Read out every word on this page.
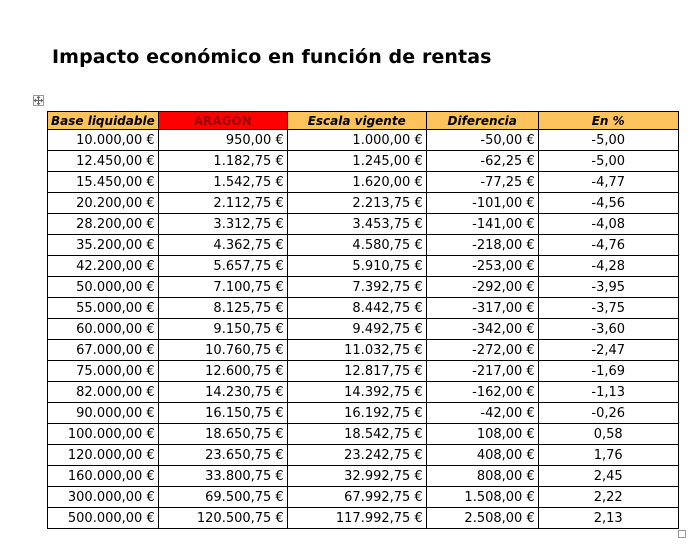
Impacto económico en función de rentas
Base liquidable	ARAGÓN	Escala vigente	Diferencia	En %
10.000,00 €	950,00 €	1.000,00 €	-50,00 €	-5,00
12.450,00 €	1.182,75 €	1.245,00 €	-62,25 €	-5,00
15.450,00 €	1.542,75 €	1.620,00 €	-77,25 €	-4,77
20.200,00 €	2.112,75 €	2.213,75 €	-101,00 €	-4,56
28.200,00 €	3.312,75 €	3.453,75 €	-141,00 €	-4,08
35.200,00 €	4.362,75 €	4.580,75 €	-218,00 €	-4,76
42.200,00 €	5.657,75 €	5.910,75 €	-253,00 €	-4,28
50.000,00 €	7.100,75 €	7.392,75 €	-292,00 €	-3,95
55.000,00 €	8.125,75 €	8.442,75 €	-317,00 €	-3,75
60.000,00 €	9.150,75 €	9.492,75 €	-342,00 €	-3,60
67.000,00 €	10.760,75 €	11.032,75 €	-272,00 €	-2,47
75.000,00 €	12.600,75 €	12.817,75 €	-217,00 €	-1,69
82.000,00 €	14.230,75 €	14.392,75 €	-162,00 €	-1,13
90.000,00 €	16.150,75 €	16.192,75 €	-42,00 €	-0,26
100.000,00 €	18.650,75 €	18.542,75 €	108,00 €	0,58
120.000,00 €	23.650,75 €	23.242,75 €	408,00 €	1,76
160.000,00 €	33.800,75 €	32.992,75 €	808,00 €	2,45
300.000,00 €	69.500,75 €	67.992,75 €	1.508,00 €	2,22
500.000,00 €	120.500,75 €	117.992,75 €	2.508,00 €	2,13
